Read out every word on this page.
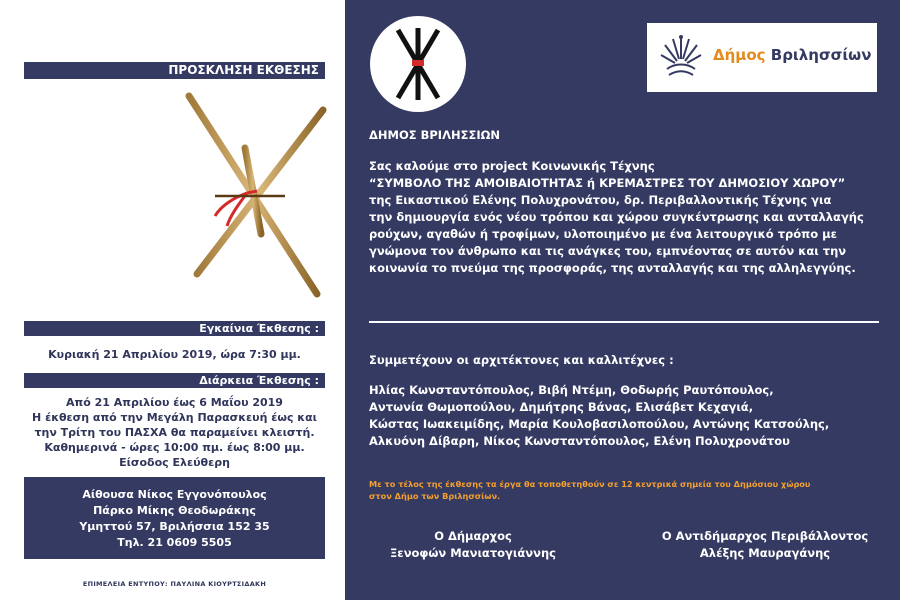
ΠΡΟΣΚΛΗΣΗ ΕΚΘΕΣΗΣ
Εγκαίνια Έκθεσης :
Κυριακή 21 Απριλίου 2019, ώρα 7:30 μμ.
Διάρκεια Έκθεσης :
Από 21 Απριλίου έως 6 Μαΐου 2019
Η έκθεση από την Μεγάλη Παρασκευή έως και
την Τρίτη του ΠΑΣΧΑ θα παραμείνει κλειστή.
Καθημερινά - ώρες 10:00 πμ. έως 8:00 μμ.
Είσοδος Ελεύθερη
Αίθουσα Νίκος Εγγονόπουλος
Πάρκο Μίκης Θεοδωράκης
Υμηττού 57, Βριλήσσια 152 35
Τηλ. 21 0609 5505
ΕΠΙΜΕΛΕΙΑ ΕΝΤΥΠΟΥ: ΠΑΥΛΙΝΑ ΚΙΟΥΡΤΣΙΔΑΚΗ
Δήμος Βριλησσίων
ΔΗΜΟΣ ΒΡΙΛΗΣΣΙΩΝ
Σας καλούμε στο project Κοινωνικής Τέχνης
“ΣΥΜΒΟΛΟ ΤΗΣ ΑΜΟΙΒΑΙΟΤΗΤΑΣ ή ΚΡΕΜΑΣΤΡΕΣ ΤΟΥ ΔΗΜΟΣΙΟΥ ΧΩΡΟΥ”
της Εικαστικού Ελένης Πολυχρονάτου, δρ. Περιβαλλοντικής Τέχνης για
την δημιουργία ενός νέου τρόπου και χώρου συγκέντρωσης και ανταλλαγής
ρούχων, αγαθών ή τροφίμων, υλοποιημένο με ένα λειτουργικό τρόπο με
γνώμονα τον άνθρωπο και τις ανάγκες του, εμπνέοντας σε αυτόν και την
κοινωνία το πνεύμα της προσφοράς, της ανταλλαγής και της αλληλεγγύης.
Συμμετέχουν οι αρχιτέκτονες και καλλιτέχνες :
Ηλίας Κωνσταντόπουλος, Βιβή Ντέμη, Θοδωρής Ραυτόπουλος,
Αντωνία Θωμοπούλου, Δημήτρης Βάνας, Ελισάβετ Κεχαγιά,
Κώστας Ιωακειμίδης, Μαρία Κουλοβασιλοπούλου, Αντώνης Κατσούλης,
Αλκυόνη Δίβαρη, Νίκος Κωνσταντόπουλος, Ελένη Πολυχρονάτου
Με το τέλος της έκθεσης τα έργα θα τοποθετηθούν σε 12 κεντρικά σημεία του Δημόσιου χώρου
στον Δήμο των Βριλησσίων.
Ο Δήμαρχος
Ξενοφών Μανιατογιάννης
Ο Αντιδήμαρχος Περιβάλλοντος
Αλέξης Μαυραγάνης
